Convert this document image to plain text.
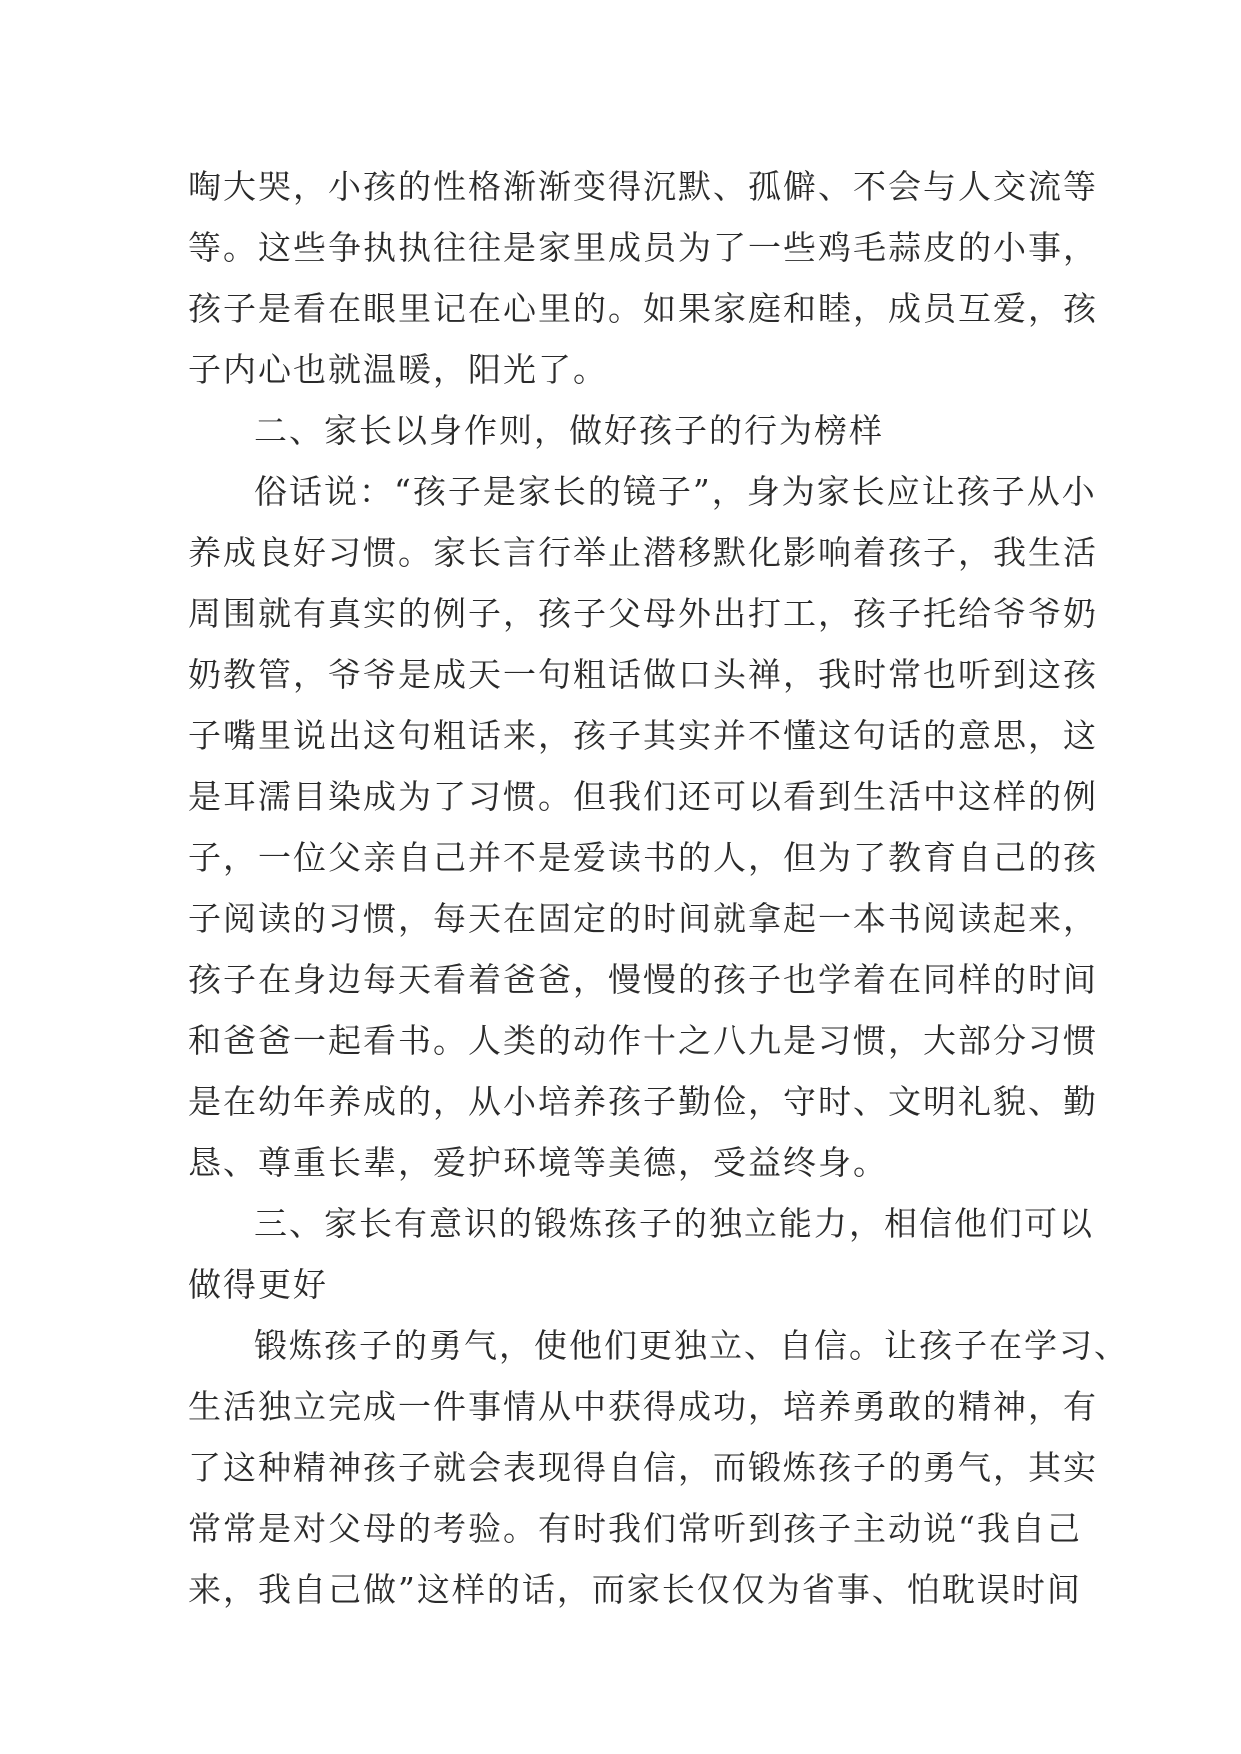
啕大哭，小孩的性格渐渐变得沉默、孤僻、不会与人交流等
等。这些争执执往往是家里成员为了一些鸡毛蒜皮的小事，
孩子是看在眼里记在心里的。如果家庭和睦，成员互爱，孩
子内心也就温暖，阳光了。
二、家长以身作则，做好孩子的行为榜样
俗话说：“孩子是家长的镜子”，身为家长应让孩子从小
养成良好习惯。家长言行举止潜移默化影响着孩子，我生活
周围就有真实的例子，孩子父母外出打工，孩子托给爷爷奶
奶教管，爷爷是成天一句粗话做口头禅，我时常也听到这孩
子嘴里说出这句粗话来，孩子其实并不懂这句话的意思，这
是耳濡目染成为了习惯。但我们还可以看到生活中这样的例
子，一位父亲自己并不是爱读书的人，但为了教育自己的孩
子阅读的习惯，每天在固定的时间就拿起一本书阅读起来，
孩子在身边每天看着爸爸，慢慢的孩子也学着在同样的时间
和爸爸一起看书。人类的动作十之八九是习惯，大部分习惯
是在幼年养成的，从小培养孩子勤俭，守时、文明礼貌、勤
恳、尊重长辈，爱护环境等美德，受益终身。
三、家长有意识的锻炼孩子的独立能力，相信他们可以
做得更好
锻炼孩子的勇气，使他们更独立、自信。让孩子在学习、
生活独立完成一件事情从中获得成功，培养勇敢的精神，有
了这种精神孩子就会表现得自信，而锻炼孩子的勇气，其实
常常是对父母的考验。有时我们常听到孩子主动说“我自己
来，我自己做”这样的话，而家长仅仅为省事、怕耽误时间
